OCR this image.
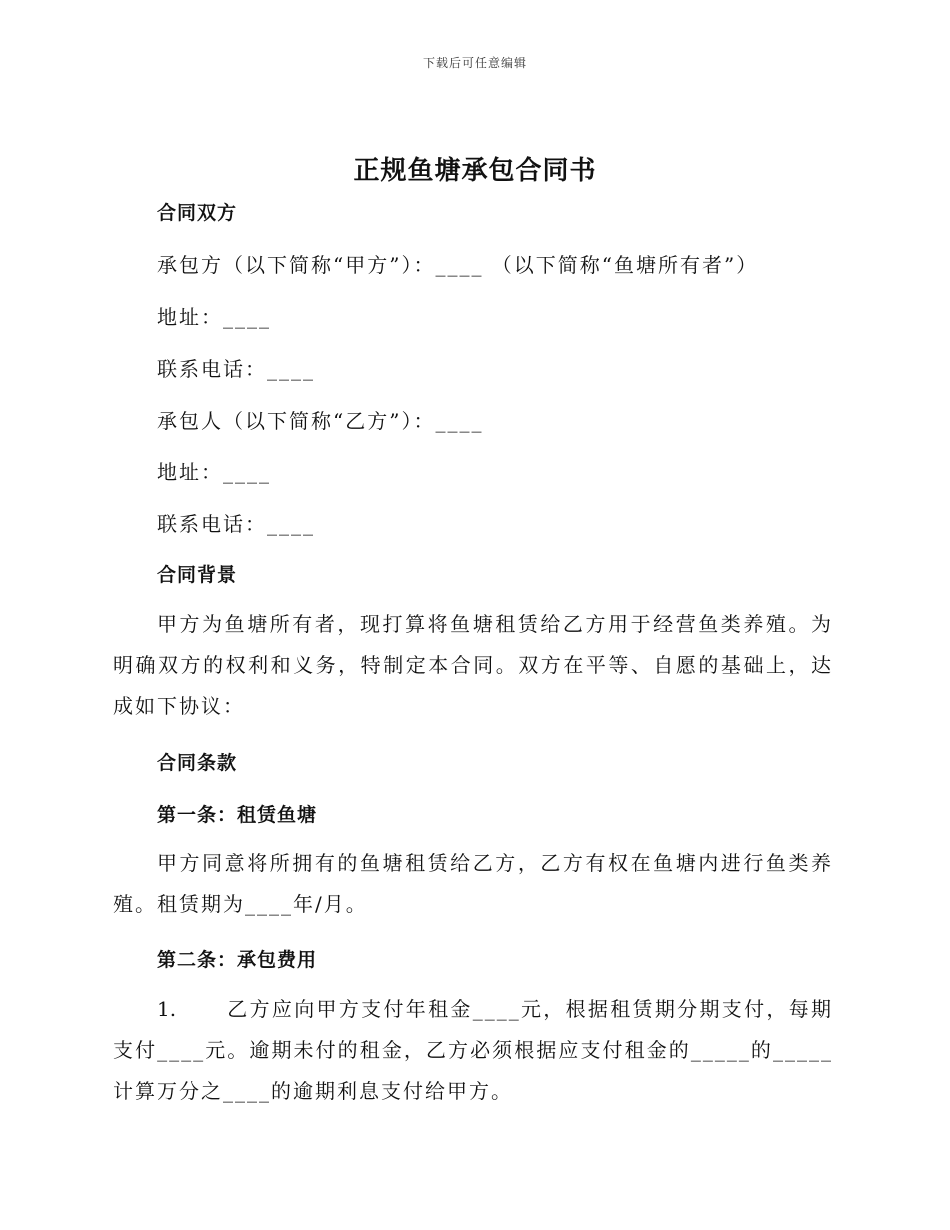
下载后可任意编辑
正规鱼塘承包合同书
合同双方
承包方（以下简称“甲方”）：____ （以下简称“鱼塘所有者”）
地址：____
联系电话：____
承包人（以下简称“乙方”）：____
地址：____
联系电话：____
合同背景
甲方为鱼塘所有者，现打算将鱼塘租赁给乙方用于经营鱼类养殖。为明确双方的权利和义务，特制定本合同。双方在平等、自愿的基础上，达成如下协议：
合同条款
第一条：租赁鱼塘
甲方同意将所拥有的鱼塘租赁给乙方，乙方有权在鱼塘内进行鱼类养殖。租赁期为____年/月。
第二条：承包费用
1.	乙方应向甲方支付年租金____元，根据租赁期分期支付，每期支付____元。逾期未付的租金，乙方必须根据应支付租金的_____的_____计算万分之____的逾期利息支付给甲方。
